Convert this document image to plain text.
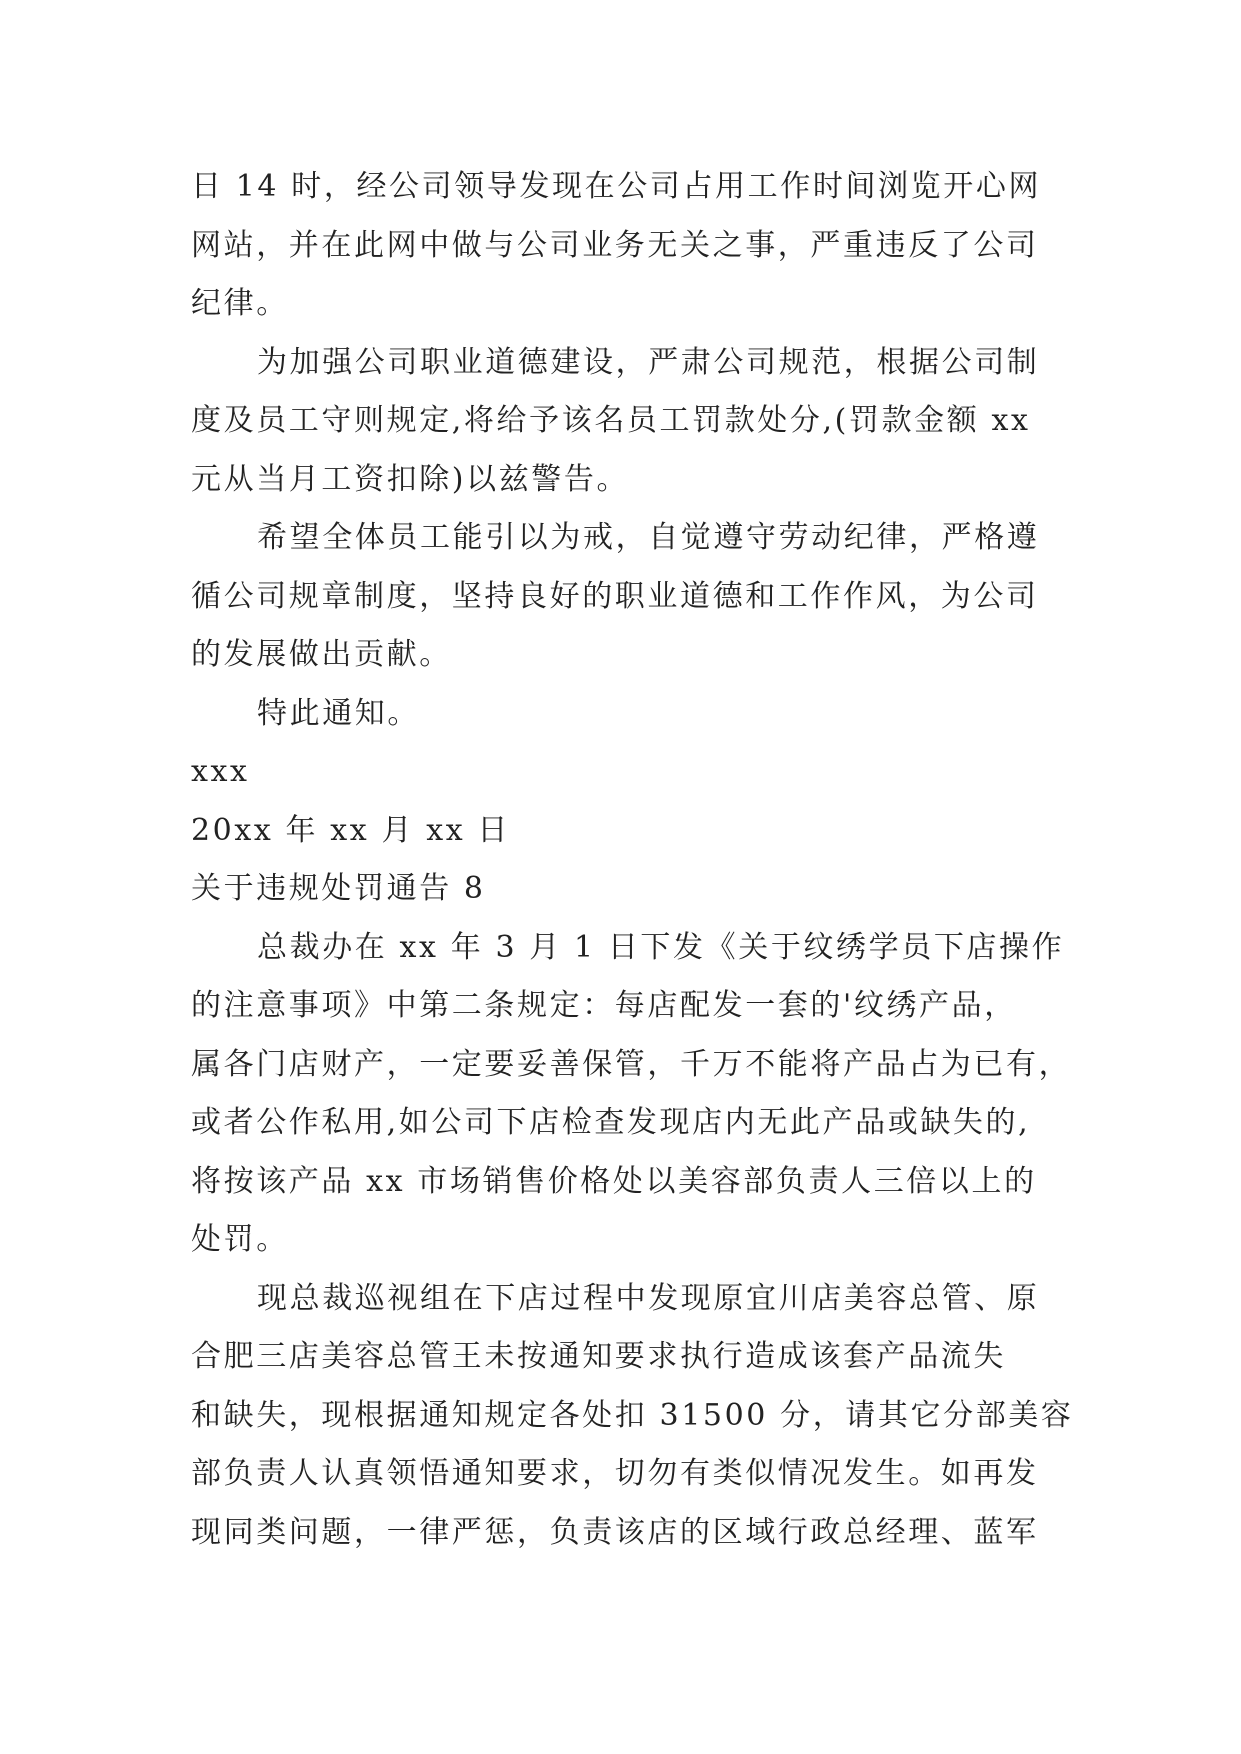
日 14 时，经公司领导发现在公司占用工作时间浏览开心网
网站，并在此网中做与公司业务无关之事，严重违反了公司
纪律。
为加强公司职业道德建设，严肃公司规范，根据公司制
度及员工守则规定,将给予该名员工罚款处分,(罚款金额 xx
元从当月工资扣除)以兹警告。
希望全体员工能引以为戒，自觉遵守劳动纪律，严格遵
循公司规章制度，坚持良好的职业道德和工作作风，为公司
的发展做出贡献。
特此通知。
xxx
20xx 年 xx 月 xx 日
关于违规处罚通告 8
总裁办在 xx 年 3 月 1 日下发《关于纹绣学员下店操作
的注意事项》中第二条规定：每店配发一套的'纹绣产品，
属各门店财产，一定要妥善保管，千万不能将产品占为已有，
或者公作私用,如公司下店检查发现店内无此产品或缺失的,
将按该产品 xx 市场销售价格处以美容部负责人三倍以上的
处罚。
现总裁巡视组在下店过程中发现原宜川店美容总管、原
合肥三店美容总管王未按通知要求执行造成该套产品流失
和缺失，现根据通知规定各处扣 31500 分，请其它分部美容
部负责人认真领悟通知要求，切勿有类似情况发生。如再发
现同类问题，一律严惩，负责该店的区域行政总经理、蓝军
